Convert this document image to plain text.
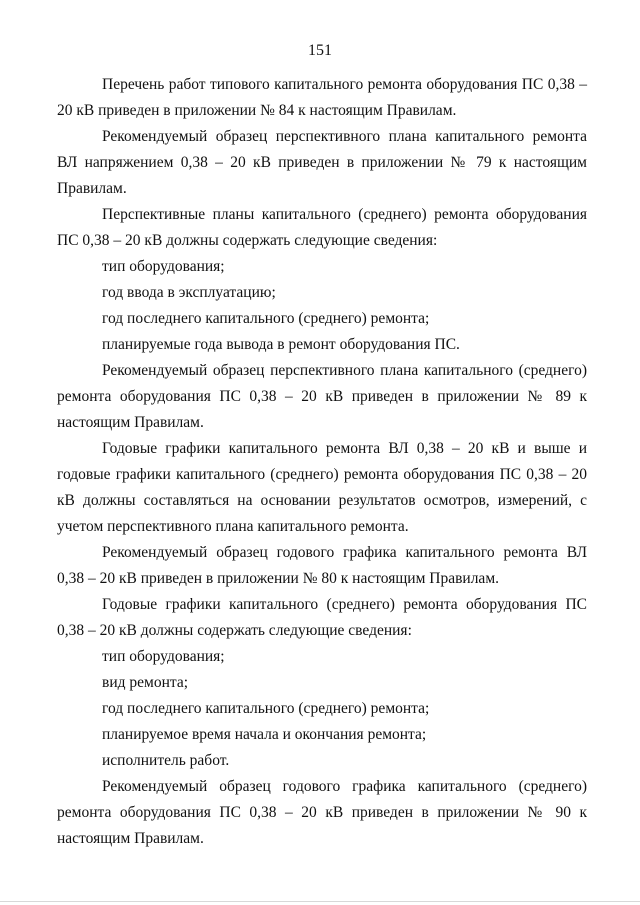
151

Перечень работ типового капитального ремонта оборудования ПС 0,38 – 20 кВ приведен в приложении № 84 к настоящим Правилам.

Рекомендуемый образец перспективного плана капитального ремонта ВЛ напряжением 0,38 – 20 кВ приведен в приложении № 79 к настоящим Правилам.

Перспективные планы капитального (среднего) ремонта оборудования ПС 0,38 – 20 кВ должны содержать следующие сведения:

тип оборудования;

год ввода в эксплуатацию;

год последнего капитального (среднего) ремонта;

планируемые года вывода в ремонт оборудования ПС.

Рекомендуемый образец перспективного плана капитального (среднего) ремонта оборудования ПС 0,38 – 20 кВ приведен в приложении № 89 к настоящим Правилам.

Годовые графики капитального ремонта ВЛ 0,38 – 20 кВ и выше и годовые графики капитального (среднего) ремонта оборудования ПС 0,38 – 20 кВ должны составляться на основании результатов осмотров, измерений, с учетом перспективного плана капитального ремонта.

Рекомендуемый образец годового графика капитального ремонта ВЛ 0,38 – 20 кВ приведен в приложении № 80 к настоящим Правилам.

Годовые графики капитального (среднего) ремонта оборудования ПС 0,38 – 20 кВ должны содержать следующие сведения:

тип оборудования;

вид ремонта;

год последнего капитального (среднего) ремонта;

планируемое время начала и окончания ремонта;

исполнитель работ.

Рекомендуемый образец годового графика капитального (среднего) ремонта оборудования ПС 0,38 – 20 кВ приведен в приложении № 90 к настоящим Правилам.
